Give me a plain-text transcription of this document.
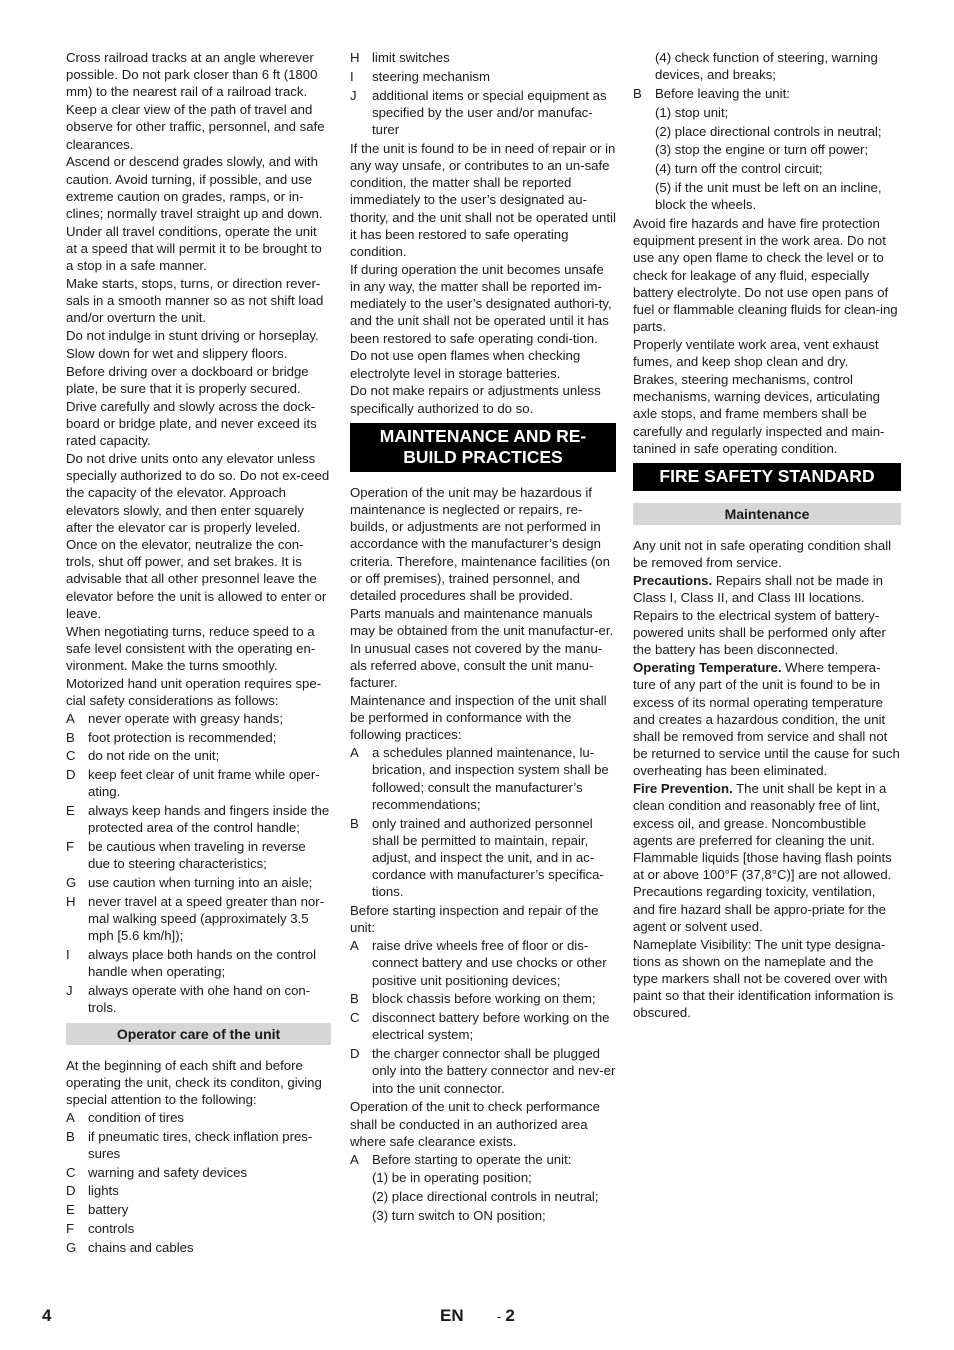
Cross railroad tracks at an angle wherever possible. Do not park closer than 6 ft (1800 mm) to the nearest rail of a railroad track.

Keep a clear view of the path of travel and observe for other traffic, personnel, and safe clearances.

Ascend or descend grades slowly, and with caution. Avoid turning, if possible, and use extreme caution on grades, ramps, or in-clines; normally travel straight up and down.

Under all travel conditions, operate the unit at a speed that will permit it to be brought to a stop in a safe manner.

Make starts, stops, turns, or direction rever-sals in a smooth manner so as not shift load and/or overturn the unit.

Do not indulge in stunt driving or horseplay.

Slow down for wet and slippery floors.

Before driving over a dockboard or bridge plate, be sure that it is properly secured.

Drive carefully and slowly across the dock-board or bridge plate, and never exceed its rated capacity.

Do not drive units onto any elevator unless specially authorized to do so. Do not ex-ceed the capacity of the elevator. Approach elevators slowly, and then enter squarely after the elevator car is properly leveled. Once on the elevator, neutralize the con-trols, shut off power, and set brakes. It is advisable that all other presonnel leave the elevator before the unit is allowed to enter or leave.

When negotiating turns, reduce speed to a safe level consistent with the operating en-vironment. Make the turns smoothly.

Motorized hand unit operation requires spe-cial safety considerations as follows:

A	never operate with greasy hands;
B	foot protection is recommended;
C do not ride on the unit;
D keep feet clear of unit frame while oper-ating.
E	always keep hands and fingers inside the protected area of the control handle;
F	be cautious when traveling in reverse due to steering characteristics;
G use caution when turning into an aisle;
H never travel at a speed greater than nor-mal walking speed (approximately 3.5 mph [5.6 km/h]);
I	always place both hands on the control handle when operating;
J	always operate with ohe hand on con-trols.
Operator care of the unit

At the beginning of each shift and before operating the unit, check its conditon, giving special attention to the following:

A	condition of tires
B	if pneumatic tires, check inflation pres-sures
C warning and safety devices
D lights
E	battery
F	controls
G chains and cables
H limit switches
I	steering mechanism
J	additional items or special equipment as specified by the user and/or manufac-turer

If the unit is found to be in need of repair or in any way unsafe, or contributes to an un-safe condition, the matter shall be reported immediately to the user’s designated au-thority, and the unit shall not be operated until it has been restored to safe operating condition.

If during operation the unit becomes unsafe in any way, the matter shall be reported im-mediately to the user’s designated authori-ty, and the unit shall not be operated until it has been restored to safe operating condi-tion.

Do not use open flames when checking electrolyte level in storage batteries.

Do not make repairs or adjustments unless specifically authorized to do so.

MAINTENANCE AND RE-
BUILD PRACTICES

Operation of the unit may be hazardous if maintenance is neglected or repairs, re-builds, or adjustments are not performed in accordance with the manufacturer’s design criteria. Therefore, maintenance facilities (on or off premises), trained personnel, and detailed procedures shall be provided.

Parts manuals and maintenance manuals may be obtained from the unit manufactur-er.

In unusual cases not covered by the manu-als referred above, consult the unit manu-facturer.

Maintenance and inspection of the unit shall be performed in conformance with the following practices:

A	a schedules planned maintenance, lu-brication, and inspection system shall be followed; consult the manufacturer’s recommendations;
B	only trained and authorized personnel shall be permitted to maintain, repair, adjust, and inspect the unit, and in ac-cordance with manufacturer’s specifica-tions.

Before starting inspection and repair of the unit:

A	raise drive wheels free of floor or dis-connect battery and use chocks or other positive unit positioning devices;
B	block chassis before working on them;
C disconnect battery before working on the electrical system;
D the charger connector shall be plugged only into the battery connector and nev-er into the unit connector.

Operation of the unit to check performance shall be conducted in an authorized area where safe clearance exists.

A	Before starting to operate the unit:
(1) be in operating position;
(2) place directional controls in neutral;
(3) turn switch to ON position;
(4) check function of steering, warning devices, and breaks;
B	Before leaving the unit:
(1) stop unit;
(2) place directional controls in neutral;
(3) stop the engine or turn off power;
(4) turn off the control circuit;
(5) if the unit must be left on an incline, block the wheels.

Avoid fire hazards and have fire protection equipment present in the work area. Do not use any open flame to check the level or to check for leakage of any fluid, especially battery electrolyte. Do not use open pans of fuel or flammable cleaning fluids for clean-ing parts.

Properly ventilate work area, vent exhaust fumes, and keep shop clean and dry.

Brakes, steering mechanisms, control mechanisms, warning devices, articulating axle stops, and frame members shall be carefully and regularly inspected and main-tanined in safe operating condition.

FIRE SAFETY STANDARD
Maintenance

Any unit not in safe operating condition shall be removed from service.

Precautions. Repairs shall not be made in Class I, Class II, and Class III locations.

Repairs to the electrical system of battery-powered units shall be performed only after the battery has been disconnected.

Operating Temperature. Where tempera-ture of any part of the unit is found to be in excess of its normal operating temperature and creates a hazardous condition, the unit shall be removed from service and shall not be returned to service until the cause for such overheating has been eliminated.

Fire Prevention. The unit shall be kept in a clean condition and reasonably free of lint, excess oil, and grease. Noncombustible agents are preferred for cleaning the unit. Flammable liquids [those having flash points at or above 100°F (37,8°C)] are not allowed. Precautions regarding toxicity, ventilation, and fire hazard shall be appro-priate for the agent or solvent used.

Nameplate Visibility: The unit type designa-tions as shown on the nameplate and the type markers shall not be covered over with paint so that their identification information is obscured.

4	EN	- 2
